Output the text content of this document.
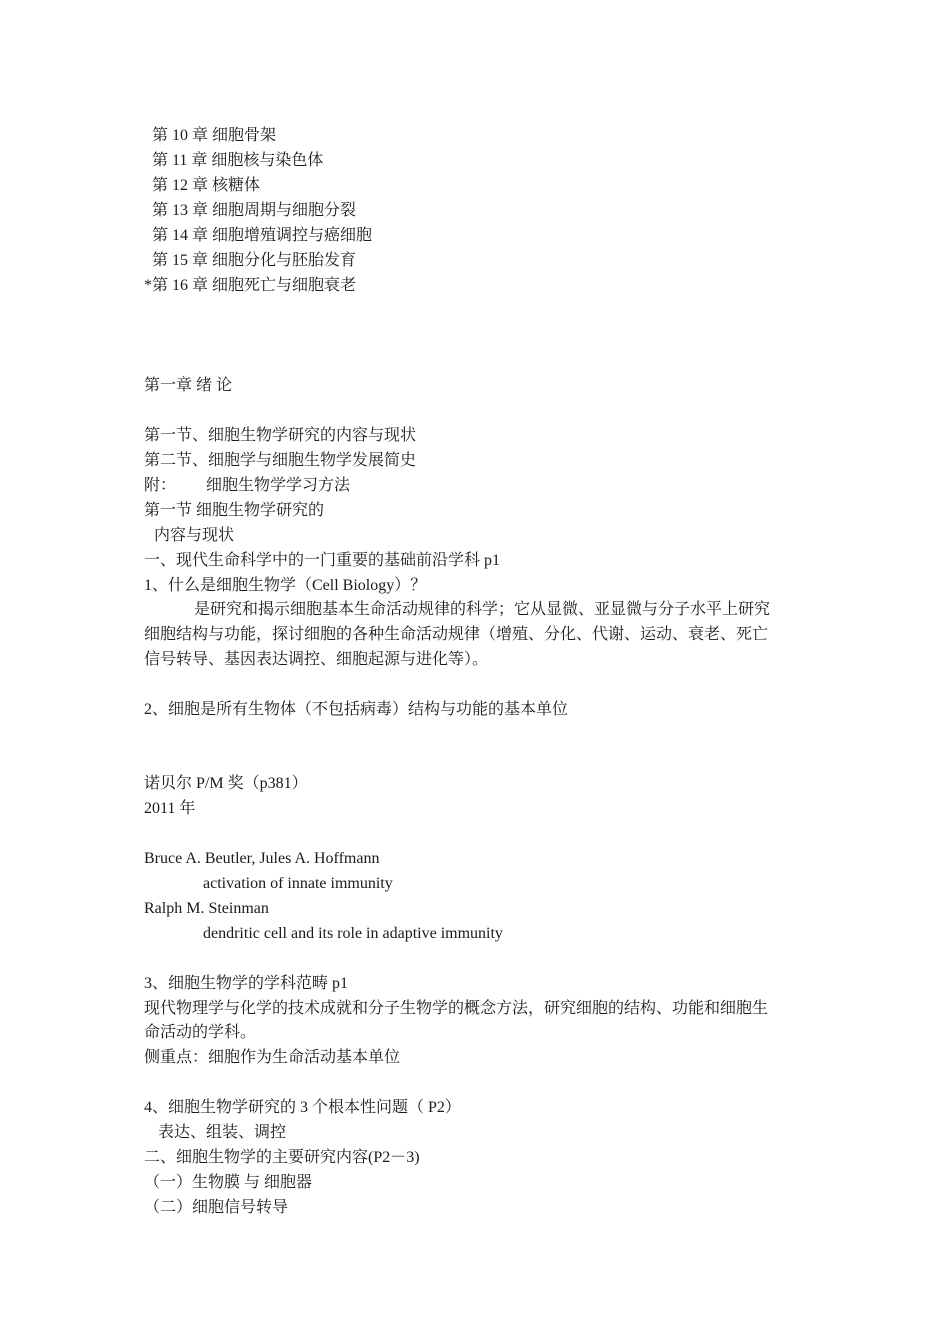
第 10 章 细胞骨架
第 11 章 细胞核与染色体
第 12 章 核糖体
第 13 章 细胞周期与细胞分裂
第 14 章 细胞增殖调控与癌细胞
第 15 章 细胞分化与胚胎发育
*第 16 章 细胞死亡与细胞衰老
第一章 绪 论
第一节、细胞生物学研究的内容与现状
第二节、细胞学与细胞生物学发展简史
附： 细胞生物学学习方法
第一节 细胞生物学研究的
内容与现状
一、现代生命科学中的一门重要的基础前沿学科 p1
1、什么是细胞生物学（Cell Biology）？
是研究和揭示细胞基本生命活动规律的科学；它从显微、亚显微与分子水平上研究
细胞结构与功能，探讨细胞的各种生命活动规律（增殖、分化、代谢、运动、衰老、死亡
信号转导、基因表达调控、细胞起源与进化等）。
2、细胞是所有生物体（不包括病毒）结构与功能的基本单位
诺贝尔 P/M 奖（p381）
2011 年
Bruce A. Beutler, Jules A. Hoffmann
activation of innate immunity
Ralph M. Steinman
dendritic cell and its role in adaptive immunity
3、细胞生物学的学科范畴 p1
现代物理学与化学的技术成就和分子生物学的概念方法，研究细胞的结构、功能和细胞生
命活动的学科。
侧重点：细胞作为生命活动基本单位
4、细胞生物学研究的 3 个根本性问题（ P2）
表达、组装、调控
二、细胞生物学的主要研究内容(P2－3)
（一）生物膜 与 细胞器
（二）细胞信号转导
